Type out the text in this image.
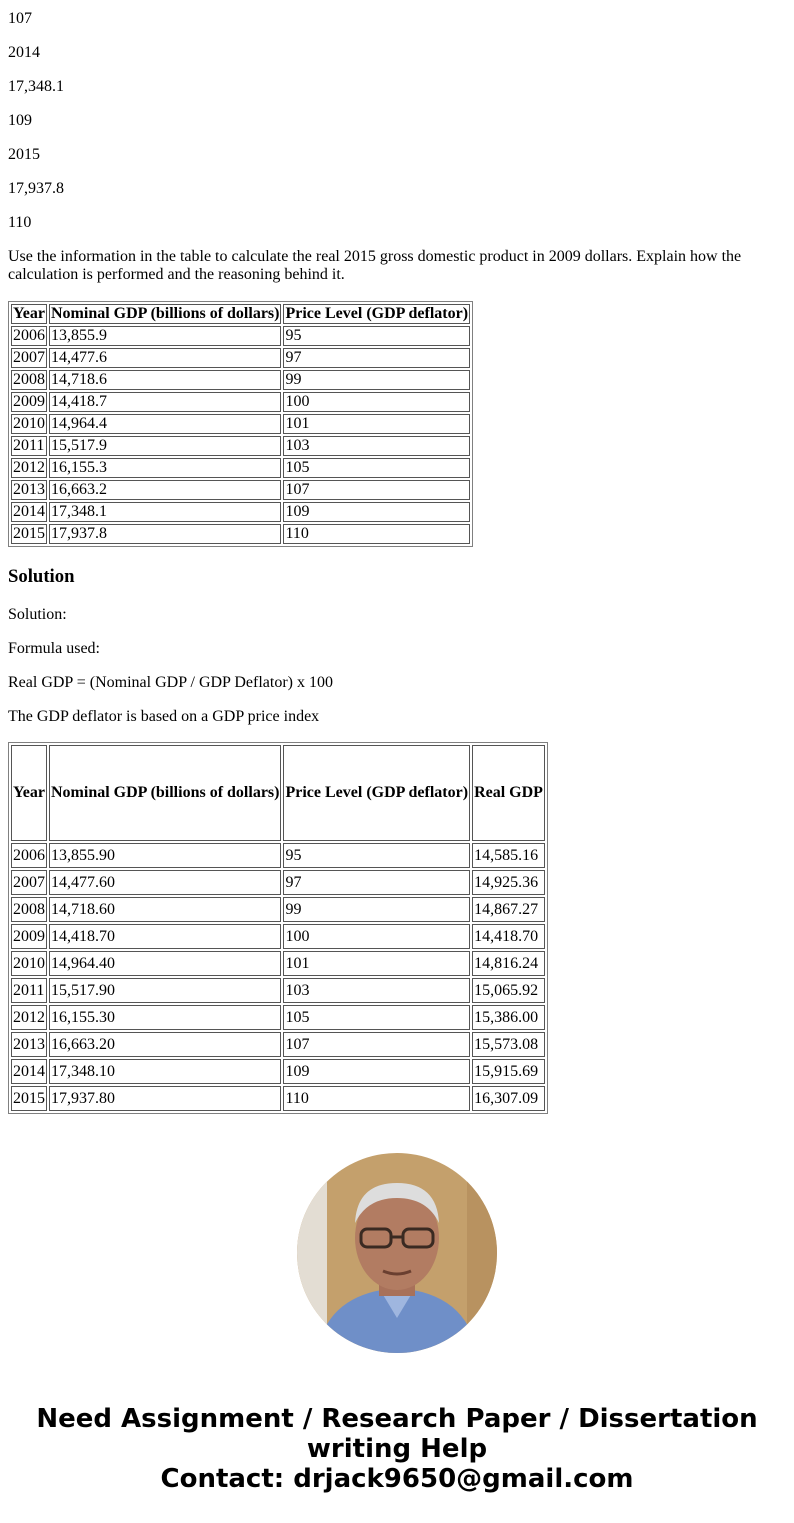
107

2014

17,348.1

109

2015

17,937.8

110

Use the information in the table to calculate the real 2015 gross domestic product in 2009 dollars. Explain how the calculation is performed and the reasoning behind it.

Year	Nominal GDP (billions of dollars)	Price Level (GDP deflator)
2006	13,855.9	95
2007	14,477.6	97
2008	14,718.6	99
2009	14,418.7	100
2010	14,964.4	101
2011	15,517.9	103
2012	16,155.3	105
2013	16,663.2	107
2014	17,348.1	109
2015	17,937.8	110
Solution

Solution:

Formula used:

Real GDP = (Nominal GDP / GDP Deflator) x 100

The GDP deflator is based on a GDP price index

Year	Nominal GDP (billions of dollars)	Price Level (GDP deflator)	Real GDP
2006	13,855.90	95	14,585.16
2007	14,477.60	97	14,925.36
2008	14,718.60	99	14,867.27
2009	14,418.70	100	14,418.70
2010	14,964.40	101	14,816.24
2011	15,517.90	103	15,065.92
2012	16,155.30	105	15,386.00
2013	16,663.20	107	15,573.08
2014	17,348.10	109	15,915.69
2015	17,937.80	110	16,307.09
Need Assignment / Research Paper / Dissertation
writing Help
Contact: drjack9650@gmail.com
